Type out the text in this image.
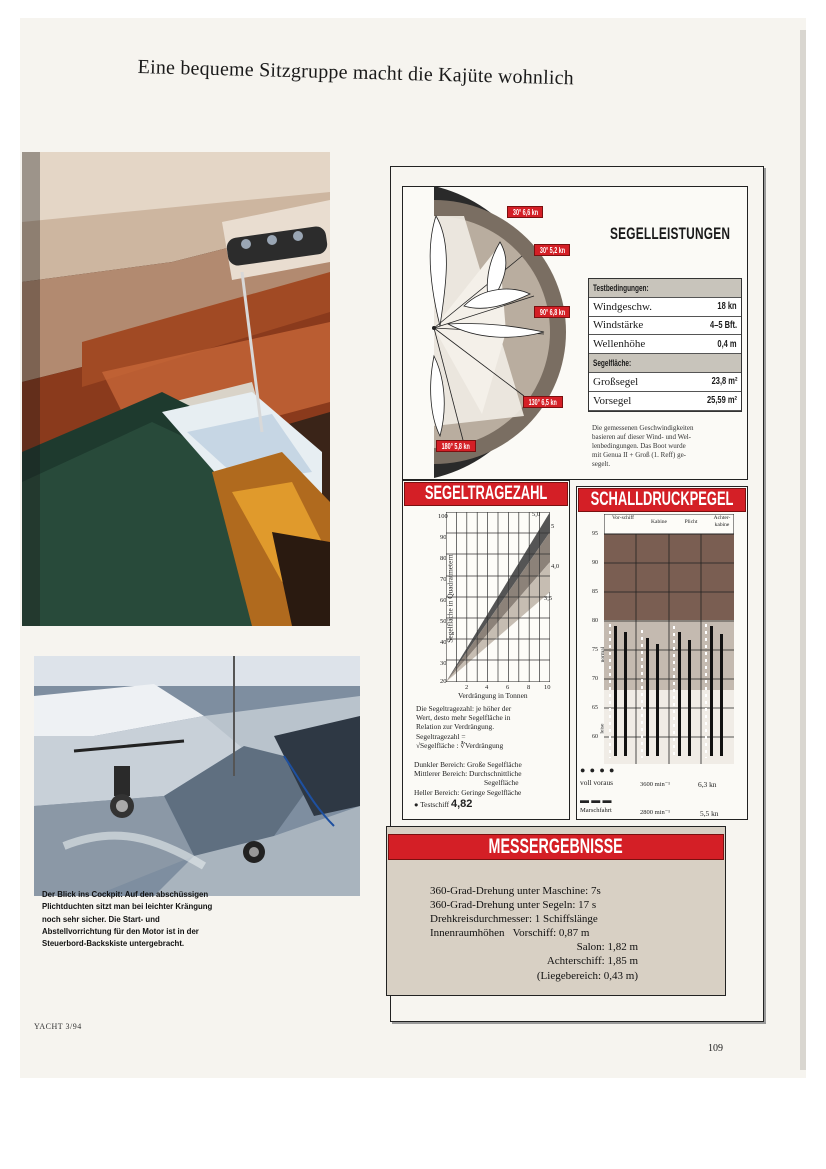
Eine bequeme Sitzgruppe macht die Kajüte wohnlich
Der Blick ins Cockpit: Auf den abschüssigen Plichtduchten sitzt man bei leichter Krängung noch sehr sicher. Die Start- und Abstellvorrichtung für den Motor ist in der Steuerbord-Backskiste untergebracht.
YACHT 3/94
109
30° 6,6 kn
30° 5,2 kn
90° 6,8 kn
130° 6,5 kn
180° 5,8 kn
SEGELLEISTUNGEN
Testbedingungen:
Windgeschw.	18 kn
Windstärke	4–5 Bft.
Wellenhöhe	0,4 m
Segelfläche:
Großsegel	23,8 m²
Vorsegel	25,59 m²
Die gemessenen Geschwindigkeiten
basieren auf dieser Wind- und Wel-
lenbedingungen. Das Boot wurde
mit Genua II + Groß (1. Reff) ge-
segelt.
SEGELTRAGEZAHL
100
90
80
70
60
50
40
30
20
2	4	6	8 10
5,0
5
4,0
3,5
Segelfläche in Quadratmetern
Verdrängung in Tonnen
Die Segeltragezahl: je höher der
Wert, desto mehr Segelfläche in
Relation zur Verdrängung.
Segeltragezahl =
√Segelfläche : ∛Verdrängung
Dunkler Bereich: Große Segelfläche
Mittlerer Bereich: Durchschnittliche
Segelfläche
Heller Bereich: Geringe Segelfläche
● Testschiff 4,82
SCHALLDRUCKPEGEL
Vor-schiff
Kabine	Plicht
Achter-kabine
95
90
85
80
75
70
65
60
normal
leise
● ● ● ●
voll voraus	3600 min⁻¹	6,3 kn
▬ ▬ ▬
Marschfahrt	2800 min⁻¹	5,5 kn
MESSERGEBNISSE
360-Grad-Drehung unter Maschine: 7s
360-Grad-Drehung unter Segeln: 17 s
Drehkreisdurchmesser: 1 Schiffslänge
Innenraumhöhen   Vorschiff: 0,87 m
Salon: 1,82 m
Achterschiff: 1,85 m
(Liegebereich: 0,43 m)
